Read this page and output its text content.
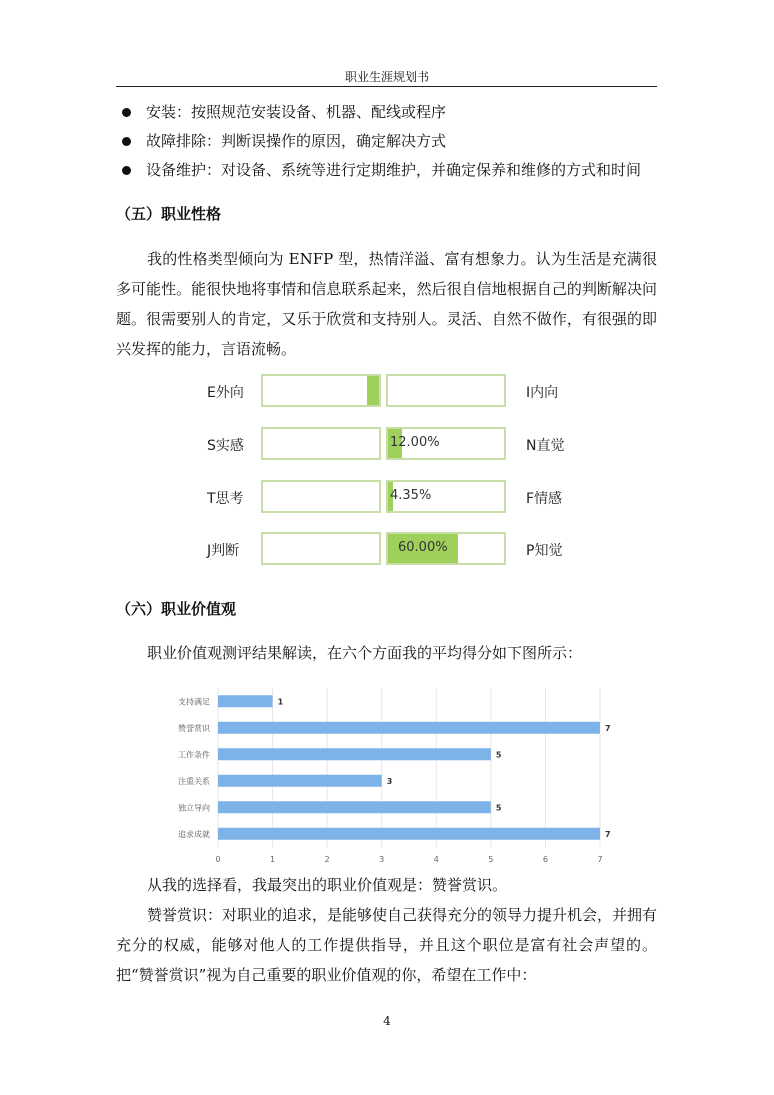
职业生涯规划书
安装：按照规范安装设备、机器、配线或程序
故障排除：判断误操作的原因，确定解决方式
设备维护：对设备、系统等进行定期维护，并确定保养和维修的方式和时间
（五）职业性格
我的性格类型倾向为 ENFP 型，热情洋溢、富有想象力。认为生活是充满很多可能性。能很快地将事情和信息联系起来，然后很自信地根据自己的判断解决问题。很需要别人的肯定，又乐于欣赏和支持别人。灵活、自然不做作，有很强的即兴发挥的能力，言语流畅。
E外向	I内向
S实感	12.00%	N直觉
T思考	4.35%	F情感
J判断	60.00%	P知觉
（六）职业价值观
职业价值观测评结果解读，在六个方面我的平均得分如下图所示：
0	1	2	3	4	5	6	7
支持满足	1
赞誉赏识	7
工作条件	5
注重关系	3
独立导向	5
追求成就	7
从我的选择看，我最突出的职业价值观是：赞誉赏识。
赞誉赏识：对职业的追求，是能够使自己获得充分的领导力提升机会，并拥有充分的权威，能够对他人的工作提供指导，并且这个职位是富有社会声望的。把“赞誉赏识”视为自己重要的职业价值观的你，希望在工作中：
4
